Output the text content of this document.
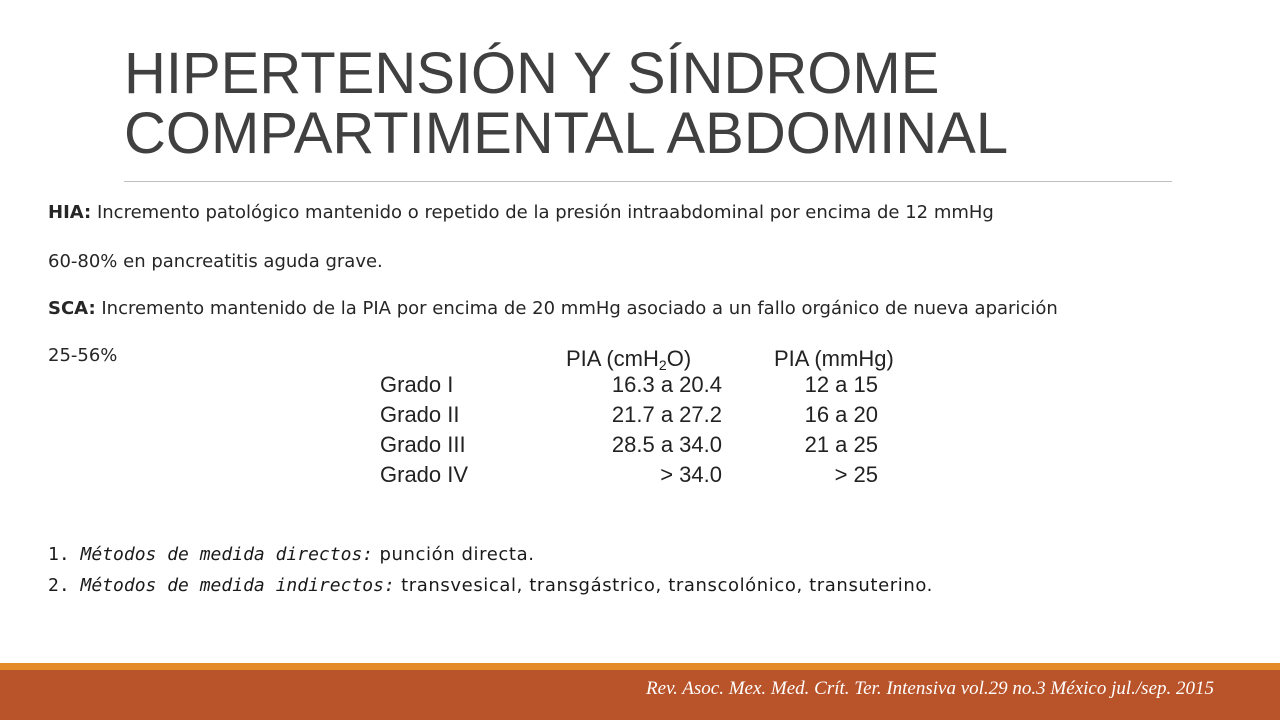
HIPERTENSIÓN Y SÍNDROME
COMPARTIMENTAL ABDOMINAL
HIA: Incremento patológico mantenido o repetido de la presión intraabdominal por encima de 12 mmHg
60-80% en pancreatitis aguda grave.
SCA: Incremento mantenido de la PIA por encima de 20 mmHg asociado a un fallo orgánico de nueva aparición
25-56%	PIA (cmH$_2$O)	PIA (mmHg)
Grado I	16.3 a 20.4	12 a 15
Grado II	21.7 a 27.2	16 a 20
Grado III	28.5 a 34.0	21 a 25
Grado IV	> 34.0	> 25
1. Métodos de medida directos: punción directa.
2. Métodos de medida indirectos: transvesical, transgástrico, transcolónico, transuterino.
Rev. Asoc. Mex. Med. Crít. Ter. Intensiva vol.29 no.3 México jul./sep. 2015
